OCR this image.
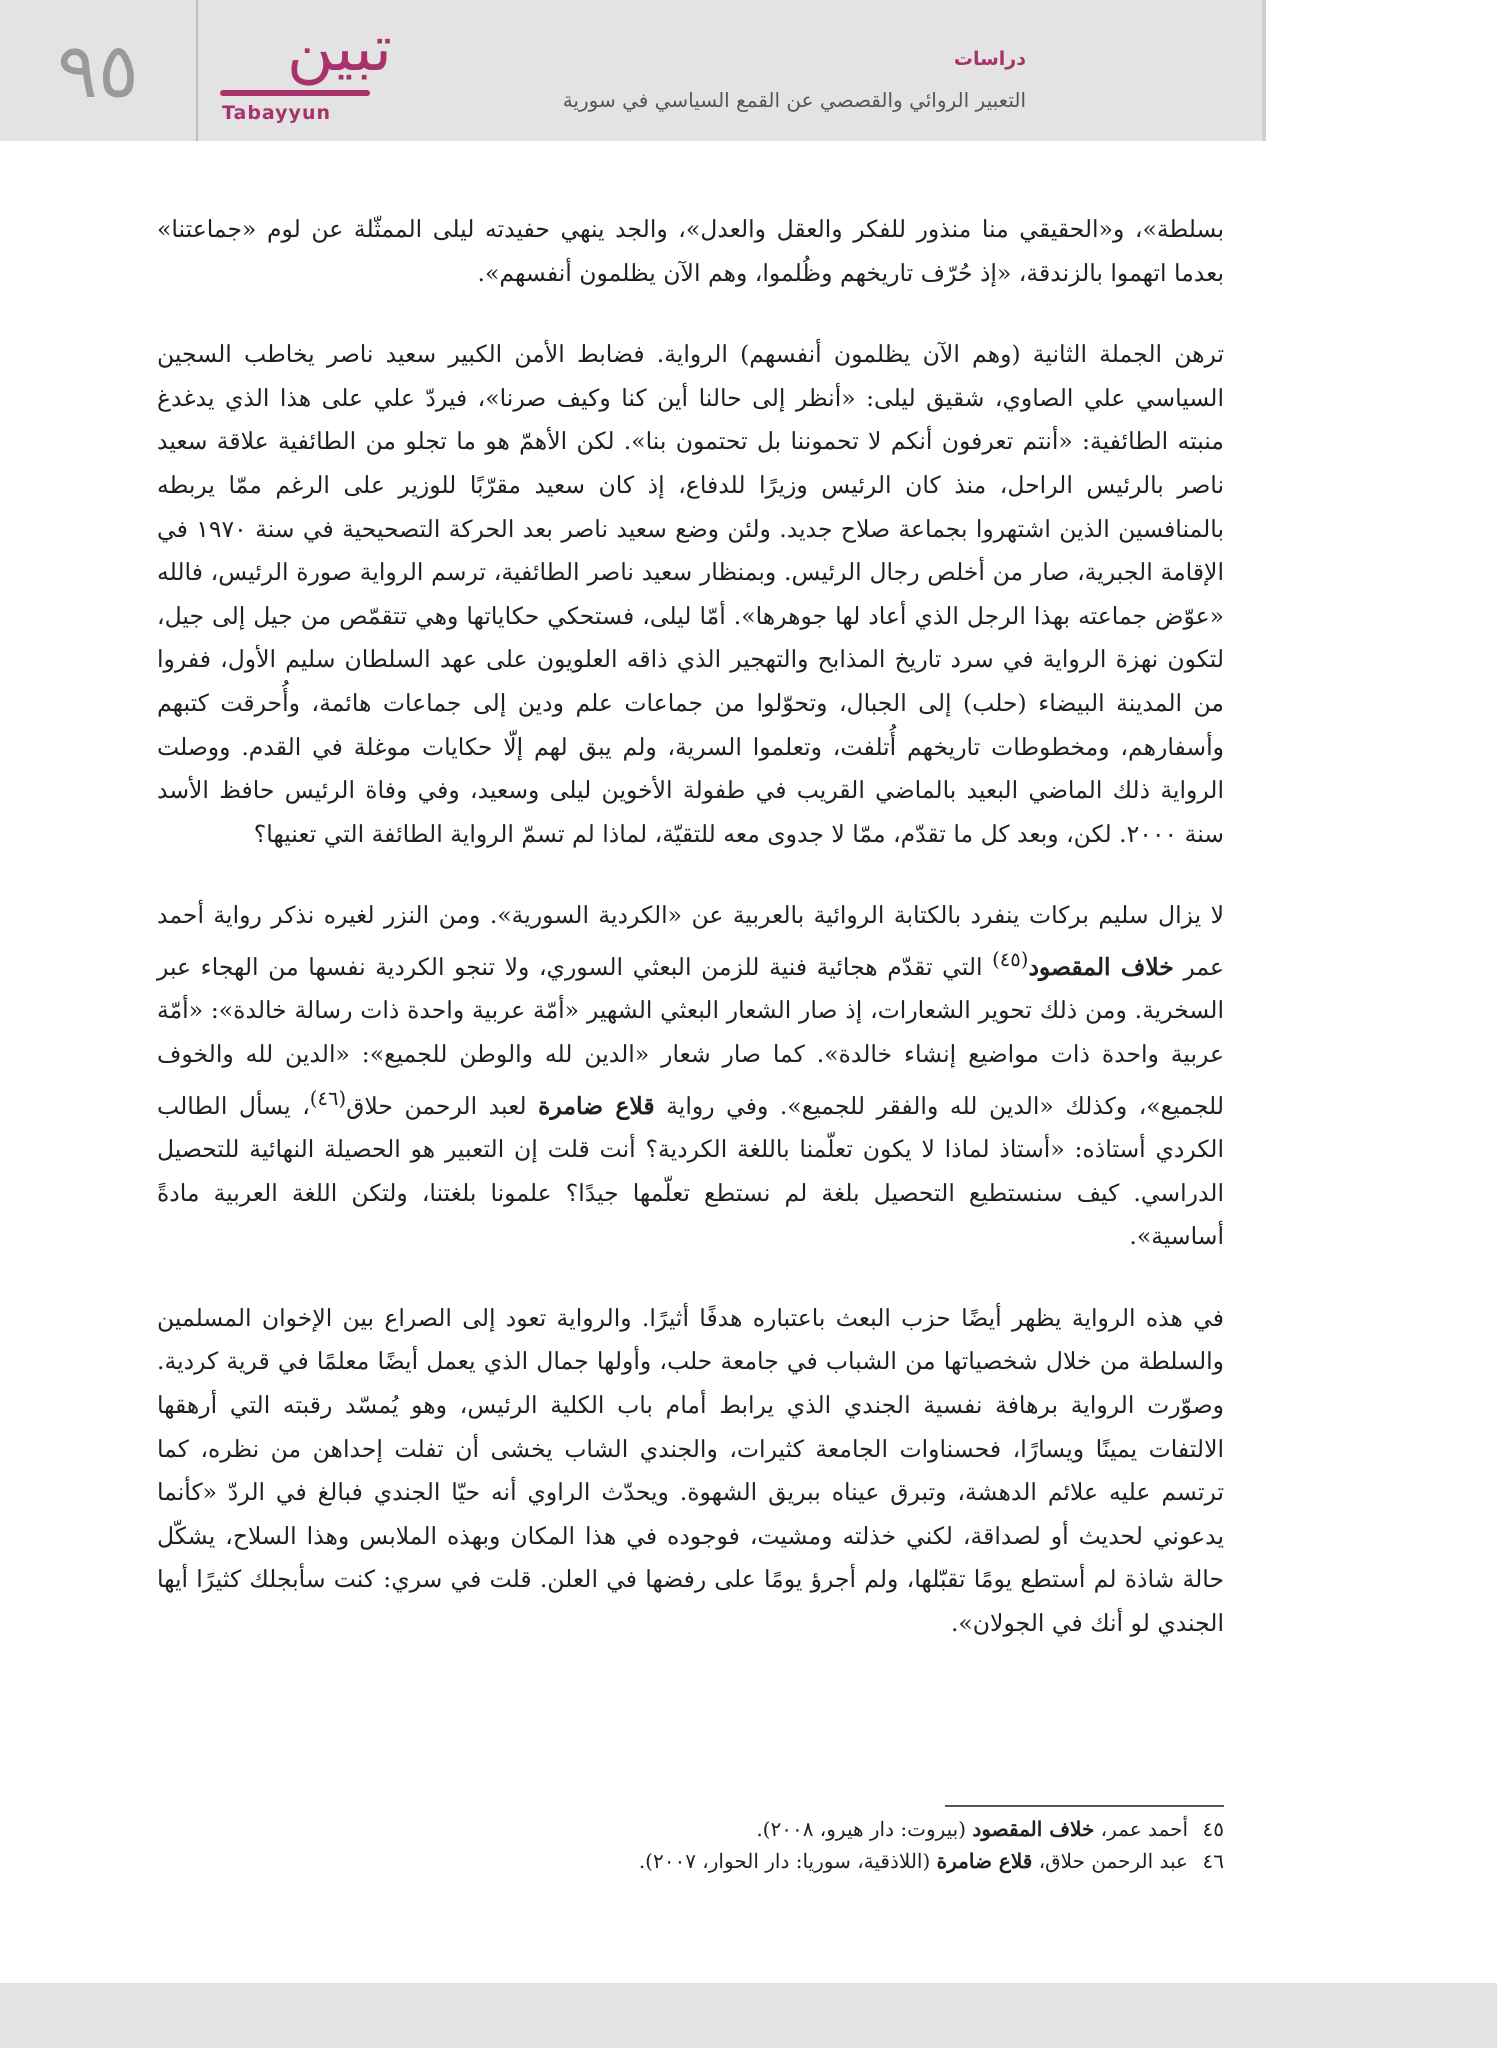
٩٥ تبين
Tabayyun
دراسات
التعبير الروائي والقصصي عن القمع السياسي في سورية

بسلطة»، و«الحقيقي منا منذور للفكر والعقل والعدل»، والجد ينهي حفيدته ليلى الممثّلة عن لوم «جماعتنا» بعدما اتهموا بالزندقة، «إذ حُرّف تاريخهم وظُلموا، وهم الآن يظلمون أنفسهم».

ترهن الجملة الثانية (وهم الآن يظلمون أنفسهم) الرواية. فضابط الأمن الكبير سعيد ناصر يخاطب السجين السياسي علي الصاوي، شقيق ليلى: «أنظر إلى حالنا أين كنا وكيف صرنا»، فيردّ علي على هذا الذي يدغدغ منبته الطائفية: «أنتم تعرفون أنكم لا تحموننا بل تحتمون بنا». لكن الأهمّ هو ما تجلو من الطائفية علاقة سعيد ناصر بالرئيس الراحل، منذ كان الرئيس وزيرًا للدفاع، إذ كان سعيد مقرّبًا للوزير على الرغم ممّا يربطه بالمنافسين الذين اشتهروا بجماعة صلاح جديد. ولئن وضع سعيد ناصر بعد الحركة التصحيحية في سنة ١٩٧٠ في الإقامة الجبرية، صار من أخلص رجال الرئيس. وبمنظار سعيد ناصر الطائفية، ترسم الرواية صورة الرئيس، فالله «عوّض جماعته بهذا الرجل الذي أعاد لها جوهرها». أمّا ليلى، فستحكي حكاياتها وهي تتقمّص من جيل إلى جيل، لتكون نهزة الرواية في سرد تاريخ المذابح والتهجير الذي ذاقه العلويون على عهد السلطان سليم الأول، ففروا من المدينة البيضاء (حلب) إلى الجبال، وتحوّلوا من جماعات علم ودين إلى جماعات هائمة، وأُحرقت كتبهم وأسفارهم، ومخطوطات تاريخهم أُتلفت، وتعلموا السرية، ولم يبق لهم إلّا حكايات موغلة في القدم. ووصلت الرواية ذلك الماضي البعيد بالماضي القريب في طفولة الأخوين ليلى وسعيد، وفي وفاة الرئيس حافظ الأسد سنة ٢٠٠٠. لكن، وبعد كل ما تقدّم، ممّا لا جدوى معه للتقيّة، لماذا لم تسمّ الرواية الطائفة التي تعنيها؟

لا يزال سليم بركات ينفرد بالكتابة الروائية بالعربية عن «الكردية السورية». ومن النزر لغيره نذكر رواية أحمد عمر خلاف المقصود$^{(٤٥)}$ التي تقدّم هجائية فنية للزمن البعثي السوري، ولا تنجو الكردية نفسها من الهجاء عبر السخرية. ومن ذلك تحوير الشعارات، إذ صار الشعار البعثي الشهير «أمّة عربية واحدة ذات رسالة خالدة»: «أمّة عربية واحدة ذات مواضيع إنشاء خالدة». كما صار شعار «الدين لله والوطن للجميع»: «الدين لله والخوف للجميع»، وكذلك «الدين لله والفقر للجميع». وفي رواية قلاع ضامرة لعبد الرحمن حلاق$^{(٤٦)}$، يسأل الطالب الكردي أستاذه: «أستاذ لماذا لا يكون تعلّمنا باللغة الكردية؟ أنت قلت إن التعبير هو الحصيلة النهائية للتحصيل الدراسي. كيف سنستطيع التحصيل بلغة لم نستطع تعلّمها جيدًا؟ علمونا بلغتنا، ولتكن اللغة العربية مادةً أساسية».

في هذه الرواية يظهر أيضًا حزب البعث باعتباره هدفًا أثيرًا. والرواية تعود إلى الصراع بين الإخوان المسلمين والسلطة من خلال شخصياتها من الشباب في جامعة حلب، وأولها جمال الذي يعمل أيضًا معلمًا في قرية كردية. وصوّرت الرواية برهافة نفسية الجندي الذي يرابط أمام باب الكلية الرئيس، وهو يُمسّد رقبته التي أرهقها الالتفات يمينًا ويسارًا، فحسناوات الجامعة كثيرات، والجندي الشاب يخشى أن تفلت إحداهن من نظره، كما ترتسم عليه علائم الدهشة، وتبرق عيناه ببريق الشهوة. ويحدّث الراوي أنه حيّا الجندي فبالغ في الردّ «كأنما يدعوني لحديث أو لصداقة، لكني خذلته ومشيت، فوجوده في هذا المكان وبهذه الملابس وهذا السلاح، يشكّل حالة شاذة لم أستطع يومًا تقبّلها، ولم أجرؤ يومًا على رفضها في العلن. قلت في سري: كنت سأبجلك كثيرًا أيها الجندي لو أنك في الجولان».

٤٥أحمد عمر، خلاف المقصود (بيروت: دار هيرو، ٢٠٠٨).
٤٦عبد الرحمن حلاق، قلاع ضامرة (اللاذقية، سوريا: دار الحوار، ٢٠٠٧).
